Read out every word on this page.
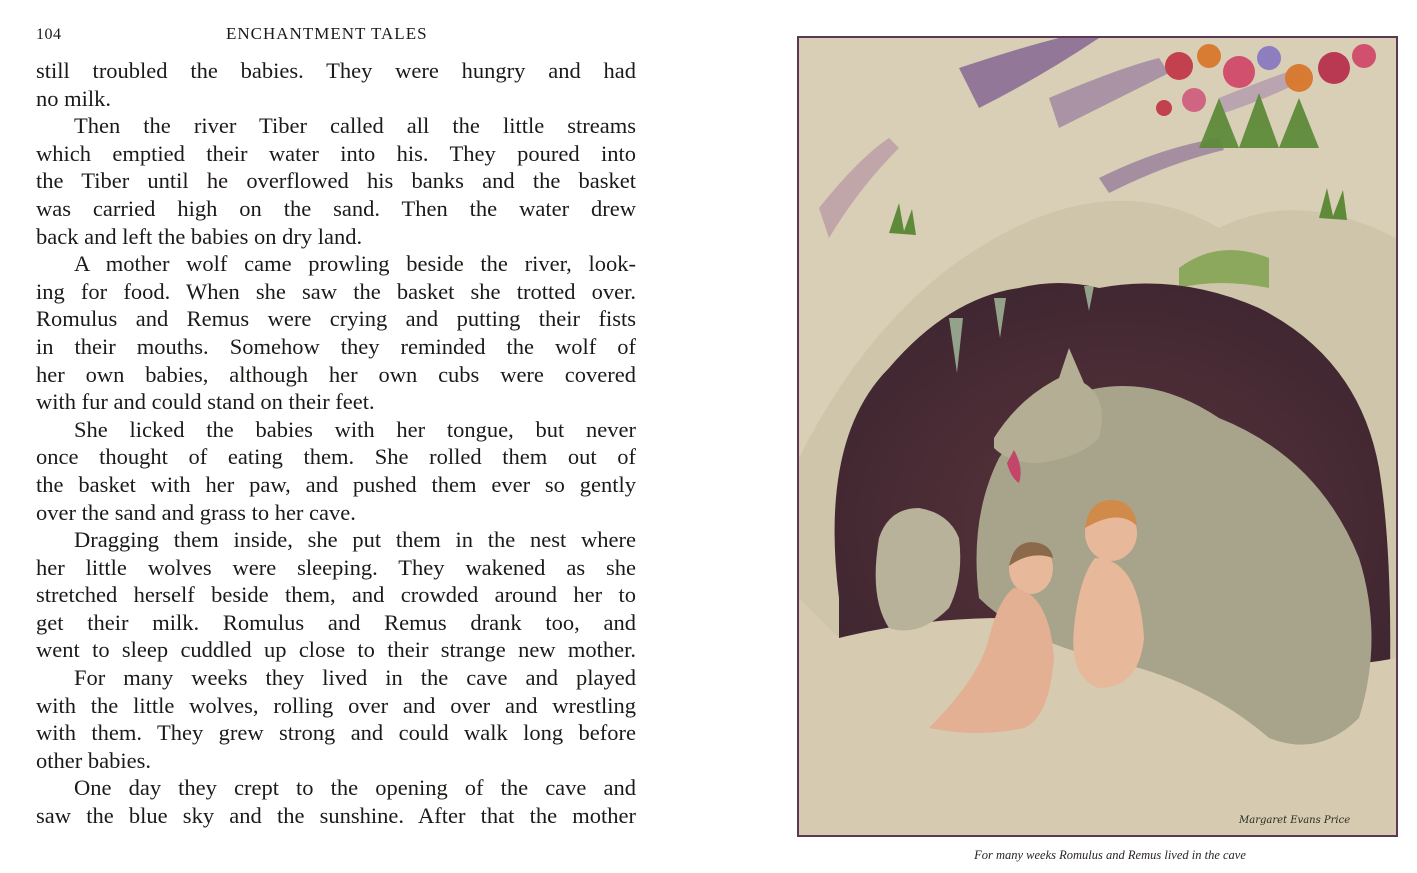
104	ENCHANTMENT TALES
still troubled the babies. They were hungry and had
no milk.
Then the river Tiber called all the little streams
which emptied their water into his. They poured into
the Tiber until he overflowed his banks and the basket
was carried high on the sand. Then the water drew
back and left the babies on dry land.
A mother wolf came prowling beside the river, look-
ing for food. When she saw the basket she trotted over.
Romulus and Remus were crying and putting their fists
in their mouths. Somehow they reminded the wolf of
her own babies, although her own cubs were covered
with fur and could stand on their feet.
She licked the babies with her tongue, but never
once thought of eating them. She rolled them out of
the basket with her paw, and pushed them ever so gently
over the sand and grass to her cave.
Dragging them inside, she put them in the nest where
her little wolves were sleeping. They wakened as she
stretched herself beside them, and crowded around her to
get their milk. Romulus and Remus drank too, and
went to sleep cuddled up close to their strange new mother.
For many weeks they lived in the cave and played
with the little wolves, rolling over and over and wrestling
with them. They grew strong and could walk long before
other babies.
One day they crept to the opening of the cave and
saw the blue sky and the sunshine. After that the mother	Margaret Evans Price
For many weeks Romulus and Remus lived in the cave
